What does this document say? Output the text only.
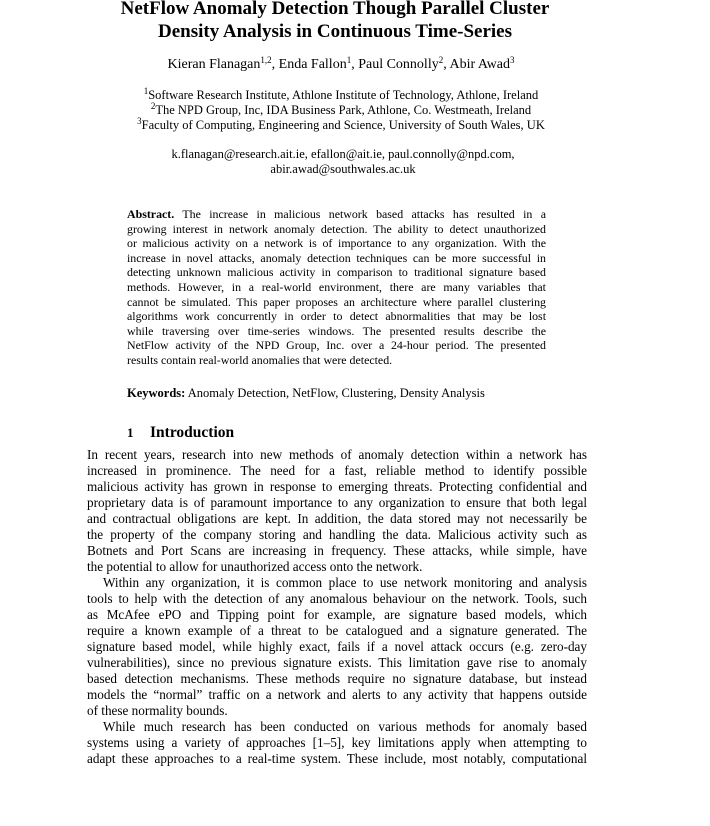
NetFlow Anomaly Detection Though Parallel Cluster
Density Analysis in Continuous Time-Series
Kieran Flanagan$^{1,2}$, Enda Fallon$^1$, Paul Connolly$^2$, Abir Awad$^3$
$^1$Software Research Institute, Athlone Institute of Technology, Athlone, Ireland
$^2$The NPD Group, Inc, IDA Business Park, Athlone, Co. Westmeath, Ireland
$^3$Faculty of Computing, Engineering and Science, University of South Wales, UK
k.flanagan@research.ait.ie, efallon@ait.ie, paul.connolly@npd.com,
abir.awad@southwales.ac.uk
Abstract. The increase in malicious network based attacks has resulted in a
growing interest in network anomaly detection. The ability to detect unauthorized
or malicious activity on a network is of importance to any organization. With the
increase in novel attacks, anomaly detection techniques can be more successful in
detecting unknown malicious activity in comparison to traditional signature based
methods. However, in a real-world environment, there are many variables that
cannot be simulated. This paper proposes an architecture where parallel clustering
algorithms work concurrently in order to detect abnormalities that may be lost
while traversing over time-series windows. The presented results describe the
NetFlow activity of the NPD Group, Inc. over a 24-hour period. The presented
results contain real-world anomalies that were detected.
Keywords: Anomaly Detection, NetFlow, Clustering, Density Analysis
1 Introduction
In recent years, research into new methods of anomaly detection within a network has
increased in prominence. The need for a fast, reliable method to identify possible
malicious activity has grown in response to emerging threats. Protecting confidential and
proprietary data is of paramount importance to any organization to ensure that both legal
and contractual obligations are kept. In addition, the data stored may not necessarily be
the property of the company storing and handling the data. Malicious activity such as
Botnets and Port Scans are increasing in frequency. These attacks, while simple, have
the potential to allow for unauthorized access onto the network.
Within any organization, it is common place to use network monitoring and analysis
tools to help with the detection of any anomalous behaviour on the network. Tools, such
as McAfee ePO and Tipping point for example, are signature based models, which
require a known example of a threat to be catalogued and a signature generated. The
signature based model, while highly exact, fails if a novel attack occurs (e.g. zero-day
vulnerabilities), since no previous signature exists. This limitation gave rise to anomaly
based detection mechanisms. These methods require no signature database, but instead
models the “normal” traffic on a network and alerts to any activity that happens outside
of these normality bounds.
While much research has been conducted on various methods for anomaly based
systems using a variety of approaches [1–5], key limitations apply when attempting to
adapt these approaches to a real-time system. These include, most notably, computational
